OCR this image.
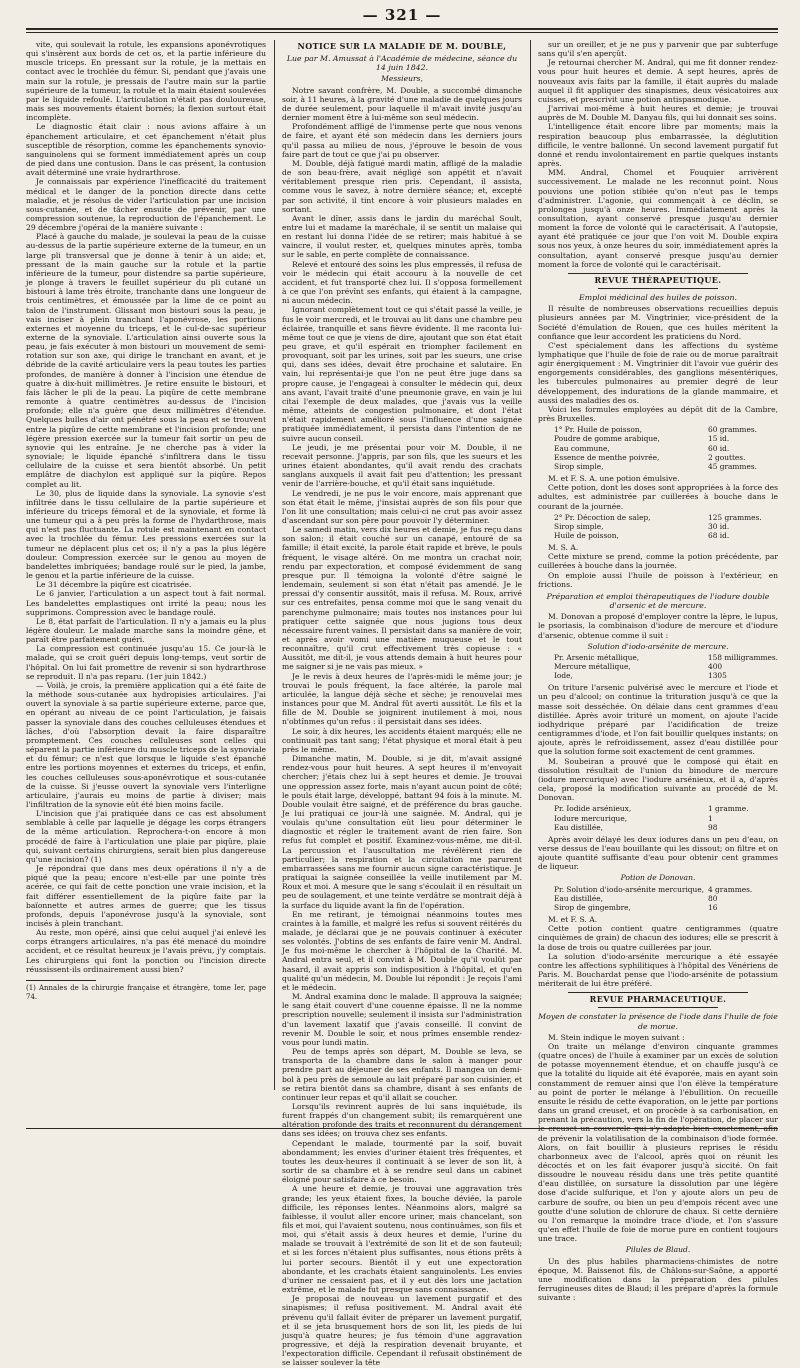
— 321 —

vite, qui soulevait la rotule, les expansions aponévrotiques qui s'insèrent aux bords de cet os, et la partie inférieure du muscle triceps. En pressant sur la rotule, je la mettais en contact avec le trochlée du fémur. Si, pendant que j'avais une main sur la rotule, je pressais de l'autre main sur la partie supérieure de la tumeur, la rotule et la main étaient soulevées par le liquide refoulé. L'articulation n'était pas douloureuse, mais ses mouvements étaient bornés; la flexion surtout était incomplète.

Le diagnostic était clair : nous avions affaire à un épanchement articulaire, et cet épanchement n'était plus susceptible de résorption, comme les épanchements synovio-sanguinolens qui se forment immédiatement après un coup de pied dans une contusion. Dans le cas présent, la contusion avait déterminé une vraie hydrarthrose.

Je connaissais par expérience l'inefficacité du traitement médical et le danger de la ponction directe dans cette maladie, et je résolus de vider l'articulation par une incision sous-cutanée, et de tâcher ensuite de prévenir, par une compression soutenue, la reproduction de l'épanchement. Le 29 décembre j'opérai de la manière suivante :

Placé à gauche du malade, je soulevai la peau de la cuisse au-dessus de la partie supérieure externe de la tumeur, en un large pli transversal que je donne à tenir à un aide; et, pressant de la main gauche sur la rotule et la partie inférieure de la tumeur, pour distendre sa partie supérieure, je plonge à travers le feuillet supérieur du pli cutané un bistouri à lame très étroite, tranchante dans une longueur de trois centimètres, et émoussée par la lime de ce point au talon de l'instrument. Glissant mon bistouri sous la peau, je vais inciser à plein tranchant l'aponévrose, les portions externes et moyenne du triceps, et le cul-de-sac supérieur externe de la synoviale. L'articulation ainsi ouverte sous la peau, je fais exécuter à mon bistouri un mouvement de semi-rotation sur son axe, qui dirige le tranchant en avant, et je débride de la cavité articulaire vers la peau toutes les parties profondes, de manière à donner à l'incision une étendue de quatre à dix-huit millimètres. Je retire ensuite le bistouri, et fais lâcher le pli de la peau. La piqûre de cette membrane remonte à quatre centimètres au-dessus de l'incision profonde; elle n'a guère que deux millimètres d'étendue. Quelques bulles d'air ont pénétré sous la peau et se trouvent entre la piqûre de cette membrane et l'incision profonde; une légère pression exercée sur la tumeur fait sortir un peu de synovie qui les entraîne. Je ne cherche pas à vider la synoviale; le liquide épanché s'infiltrera dans le tissu cellulaire de la cuisse et sera bientôt absorbé. Un petit emplâtre de diachylon est appliqué sur la piqûre. Repos complet au lit.

Le 30, plus de liquide dans la synoviale. La synovie s'est infiltrée dans le tissu cellulaire de la partie supérieure et inférieure du triceps fémoral et de la synoviale, et forme là une tumeur qui a à peu près la forme de l'hydarthrose, mais qui n'est pas fluctuante. La rotule est maintenant en contact avec la trochlée du fémur. Les pressions exercées sur la tumeur ne déplacent plus cet os; il n'y a pas la plus légère douleur. Compression exercée sur le genou au moyen de bandelettes imbriquées; bandage roulé sur le pied, la jambe, le genou et la partie inférieure de la cuisse.

Le 31 décembre la piqûre est cicatrisée.

Le 6 janvier, l'articulation a un aspect tout à fait normal. Les bandelettes emplastiques ont irrité la peau; nous les supprimons. Compression avec le bandage roulé.

Le 8, état parfait de l'articulation. Il n'y a jamais eu la plus légère douleur. Le malade marche sans la moindre gêne, et paraît être parfaitement guéri.

La compression est continuée jusqu'au 15. Ce jour-là le malade, qui se croit guéri depuis long-temps, veut sortir de l'hôpital. On lui fait promettre de revenir si son hydrarthrose se reproduit. Il n'a pas reparu. (1er juin 1842.)

— Voilà, je crois, la première application qui a été faite de la méthode sous-cutanée aux hydropisies articulaires. J'ai ouvert la synoviale à sa partie supérieure externe, parce que, en opérant au niveau de ce point l'articulation, je faisais passer la synoviale dans des couches celluleuses étendues et lâches, d'où l'absorption devait la faire disparaître promptement. Ces couches celluleuses sont celles qui séparent la partie inférieure du muscle triceps de la synoviale et du fémur; ce n'est que lorsque le liquide s'est épanché entre les portions moyennes et externes du triceps, et enfin, les couches celluleuses sous-aponévrotique et sous-cutanée de la cuisse. Si j'eusse ouvert la synoviale vers l'interligne articulaire, j'aurais eu moins de partie à diviser; mais l'infiltration de la synovie eût été bien moins facile.

L'incision que j'ai pratiquée dans ce cas est absolument semblable à celle par laquelle je dégage les corps étrangers de la même articulation. Reprochera-t-on encore à mon procédé de faire à l'articulation une plaie par piqûre, plaie qui, suivant certains chirurgiens, serait bien plus dangereuse qu'une incision? (1)

Je répondrai que dans mes deux opérations il n'y a de piqué que la peau; encore n'est-elle par une pointe très acérée, ce qui fait de cette ponction une vraie incision, et la fait différer essentiellement de la piqûre faite par la baïonnette et autres armes de guerre; que les tissus profonds, depuis l'aponévrose jusqu'à la synoviale, sont incisés à plein tranchant.

Au reste, mon opéré, ainsi que celui auquel j'ai enlevé les corps étrangers articulaires, n'a pas été menacé du moindre accident, et ce résultat heureux je l'avais prévu, j'y comptais. Les chirurgiens qui font la ponction ou l'incision directe réussissent-ils ordinairement aussi bien?

(1) Annales de la chirurgie française et étrangère, tome Ier, page 74.

NOTICE SUR LA MALADIE DE M. DOUBLE,

Lue par M. Amussat à l'Académie de médecine, séance du 14 juin 1842.

Messieurs,

Notre savant confrère, M. Double, a succombé dimanche soir, à 11 heures, à la gravité d'une maladie de quelques jours de durée seulement, pour laquelle il m'avait invité jusqu'au dernier moment être à lui-même son seul médecin.

Profondément affligé de l'immense perte que nous venons de faire, et ayant été son médecin dans les derniers jours qu'il passa au milieu de nous, j'éprouve le besoin de vous faire part de tout ce que j'ai pu observer.

M. Double, déjà fatigué mardi matin, affligé de la maladie de son beau-frère, avait négligé son appétit et n'avait véritablement presque rien pris. Cependant, il assista, comme vous le savez, à notre dernière séance; et, excepté par son activité, il tint encore à voir plusieurs malades en sortant.

Avant le dîner, assis dans le jardin du maréchal Soult, entre lui et madame la maréchale, il se sentit un malaise qui en restant lui donna l'idée de se retirer; mais habitué à se vaincre, il voulut rester, et, quelques minutes après, tomba sur le sable, en perte complète de connaissance.

Relevé et entouré des soins les plus empressés, il refusa de voir le médecin qui était accouru à la nouvelle de cet accident, et fut transporté chez lui. Il s'opposa formellement à ce que l'on prévînt ses enfants, qui étaient à la campagne, ni aucun médecin.

Ignorant complètement tout ce qui s'était passé la veille, je fus le voir mercredi, et le trouvai au lit dans une chambre peu éclairée, tranquille et sans fièvre évidente. Il me raconta lui-même tout ce que je viens de dire, ajoutant que son état était peu grave, et qu'il espérait en triompher facilement en provoquant, soit par les urines, soit par les sueurs, une crise qui, dans ses idées, devait être prochaine et salutaire. En vain, lui représentai-je que l'on ne peut être juge dans sa propre cause, je l'engageai à consulter le médecin qui, deux ans avant, l'avait traité d'une pneumonie grave, en vain je lui citai l'exemple de deux malades, que j'avais vus la veille même, atteints de congestion pulmonaire, et dont l'état n'était rapidement amélioré sous l'influence d'une saignée pratiquée immédiatement, il persista dans l'intention de ne suivre aucun conseil.

Le jeudi, je me présentai pour voir M. Double, il ne recevait personne. J'appris, par son fils, que les sueurs et les urines étaient abondantes, qu'il avait rendu des crachats sanglans auxquels il avait fait peu d'attention; les pressant venir de l'arrière-bouche, et qu'il était sans inquiétude.

Le vendredi, je ne pus le voir encore, mais apprenant que son état était le même, j'insistai auprès de son fils pour que l'on lit une consultation; mais celui-ci ne crut pas avoir assez d'ascendant sur son père pour pouvoir l'y déterminer.

Le samedi matin, vers dix heures et demie, je fus reçu dans son salon; il était couché sur un canapé, entouré de sa famille; il était excité, la parole était rapide et brève, le pouls fréquent, le visage altéré. On me montra un crachat noir, rendu par expectoration, et composé évidemment de sang presque pur. Il témoigna la volonté d'être saigné le lendemain, seulement si son état n'était pas amendé. Je le pressai d'y consentir aussitôt, mais il refusa. M. Roux, arrivé sur ces entrefaites, pensa comme moi que le sang venait du parenchyme pulmonaire; mais toutes nos instances pour lui pratiquer cette saignée que nous jugions tous deux nécessaire furent vaines. Il persistait dans sa manière de voir, et après avoir vomi une matière muqueuse et le tout reconnaître, qu'il crut effectivement très copieuse : « Aussitôt, me dit-il, je vous attends demain à huit heures pour me saigner si je ne vais pas mieux. »

Je le revis à deux heures de l'après-midi le même jour; je trouvai le pouls fréquent, la face altérée, la parole mal articulée, la langue déjà sèche et sèche; je renouvelai mes instances pour que M. Andral fût averti aussitôt. Le fils et la fille de M. Double se joignirent inutilement à moi, nous n'obtînmes qu'un refus : il persistait dans ses idées.

Le soir, à dix heures, les accidents étaient marqués; elle ne continuait pas tant sang; l'état physique et moral était à peu près le même.

Dimanche matin, M. Double, si je dit, m'avait assigné rendez-vous pour huit heures. A sept heures il m'envoyait chercher; j'étais chez lui à sept heures et demie. Je trouvai une oppression assez forte, mais n'ayant aucun point de côté; le pouls était large, développé, battant 94 fois à la minute. M. Double voulait être saigné, et de préférence du bras gauche. Je lui pratiquai ce jour-là une saignée. M. Andral, qui je voulais qu'une consultation eût lieu pour déterminer le diagnostic et régler le traitement avant de rien faire. Son refus fut complet et positif. Examinez-vous-même, me dit-il. La percussion et l'auscultation me révélèrent rien de particulier; la respiration et la circulation me parurent embarrassées sans me fournir aucun signe caractéristique. Je pratiquai la saignée conseillée la veille inutilement par M. Roux et moi. A mesure que le sang s'écoulait il en résultait un peu de soulagement, et une teinte verdâtre se montrait déjà à la surface du liquide avant la fin de l'opération.

En me retirant, je témoignai néanmoins toutes mes craintes à la famille, et malgré les refus si souvent réitérés du malade, je déclarai que je ne pouvais continuer à exécuter ses volontés. J'obtins de ses enfants de faire venir M. Andral. Je fus moi-même le chercher à l'hôpital de la Charité. M. Andral entra seul, et il convint à M. Double qu'il voulût par hasard, il avait appris son indisposition à l'hôpital, et qu'en qualité qu'un médecin, M. Double lui répondit : Je reçois l'ami et le médecin.

M. Andral examina donc le malade. Il approuva la saignée; le sang était couvert d'une couenne épaisse. Il ne la nomme prescription nouvelle; seulement il insista sur l'administration d'un lavement laxatif que j'avais conseillé. Il convint de revenir M. Double le soir, et nous prîmes ensemble rendez-vous pour lundi matin.

Peu de temps après son départ, M. Double se leva, se transporta de la chambre dans le salon à manger pour prendre part au déjeuner de ses enfants. Il mangea un demi-bol à peu près de semoule au lait préparé par son cuisinier, et se retira bientôt dans sa chambre, disant à ses enfants de continuer leur repas et qu'il allait se coucher.

Lorsqu'ils revinrent auprès de lui sans inquiétude, ils furent frappés d'un changement subit; ils remarquèrent une altération profonde des traits et reconnurent du dérangement dans ses idées; on trouva chez ses enfants.

Cependant le malade, tourmenté par la soif, buvait abondamment; les envies d'uriner étaient très fréquentes, et toutes les deux-heures il continuait à se lever de son lit, à sortir de sa chambre et à se rendre seul dans un cabinet éloigné pour satisfaire à ce besoin.

A une heure et demie, je trouvai une aggravation très grande; les yeux étaient fixes, la bouche déviée, la parole difficile, les réponses lentes. Néanmoins alors, malgré sa faiblesse, il voulut aller encore uriner, mais chancelant, son fils et moi, qui l'avaient soutenu, nous continuâmes, son fils et moi, qui s'était assis à deux heures et demie, l'urine du malade se trouvait à l'extrémité de son lit et de son fauteuil; et si les forces n'étaient plus suffisantes, nous étions prêts à lui porter secours. Bientôt il y eut une expectoration abondante, et les crachats étaient sanguinolents. Les envies d'uriner ne cessaient pas, et il y eut dès lors une jactation extrême, et le malade fut presque sans connaissance.

Je proposai de nouveau un lavement purgatif et des sinapismes; il refusa positivement. M. Andral avait été prévenu qu'il fallait éviter de préparer un lavement purgatif, et il se jeta brusquement hors de son lit, les pieds de lui jusqu'à quatre heures; je fus témoin d'une aggravation progressive, et déjà la respiration devenait bruyante, et l'expectoration difficile. Cependant il refusait obstinément de se laisser soulever la tête

sur un oreiller, et je ne pus y parvenir que par subterfuge sans qu'il s'en aperçût.

Je retournai chercher M. Andral, qui me fit donner rendez-vous pour huit heures et demie. A sept heures, après de nouveaux avis faits par la famille, il était auprès du malade auquel il fit appliquer des sinapismes, deux vésicatoires aux cuisses, et prescrivit une potion antispasmodique.

J'arrivai moi-même à huit heures et demie; je trouvai auprès de M. Double M. Danyau fils, qui lui donnait ses soins.

L'intelligence était encore libre par moments; mais la respiration beaucoup plus embarrassée, la déglutition difficile, le ventre ballonné. Un second lavement purgatif fut donné et rendu involontairement en partie quelques instants après.

MM. Andral, Chomel et Fouquier arrivèrent successivement. Le malade ne les reconnut point. Nous pouvions une potion stibiée qu'on n'eut pas le temps d'administrer. L'agonie, qui commençait à ce déclin, se prolongea jusqu'à onze heures. Immédiatement après la consultation, ayant conservé presque jusqu'au dernier moment la force de volonté qui le caractérisait. A l'autopsie, ayant été pratiquée ce jour que l'on voit M. Double expira sous nos yeux, à onze heures du soir, immédiatement après la consultation, ayant conservé presque jusqu'au dernier moment la force de volonté qui le caractérisait.

REVUE THÉRAPEUTIQUE.

Emploi médicinal des huiles de poisson.

Il résulte de nombreuses observations recueillies depuis plusieurs années par M. Vingtrinier, vice-président de la Société d'émulation de Rouen, que ces huiles méritent la confiance que leur accordent les praticiens du Nord.

C'est spécialement dans les affections du système lymphatique que l'huile de foie de raie ou de morue paraîtrait agir énergiquement : M. Vingtrinier dit l'avoir vue guérir des engorgements considérables, des ganglions mésentériques, les tubercules pulmonaires au premier degré de leur développement, des indurations de la glande mammaire, et aussi des maladies des os.

Voici les formules employées au dépôt dit de la Cambre, près Bruxelles.

1° Pr. Huile de poisson,	60 grammes.
Poudre de gomme arabique,	15 id.
Eau commune,	60 id.
Essence de menthe poivrée,	2 gouttes.
Sirop simple,	45 grammes.

M. et F. S. A. une potion émulsive.

Cette potion, dont les doses sont appropriées à la force des adultes, est administrée par cuillerées à bouche dans le courant de la journée.

2° Pr. Décoction de salep,	125 grammes.
Sirop simple,	30 id.
Huile de poisson,	68 id.

M. S. A.

Cette mixture se prend, comme la potion précédente, par cuillerées à bouche dans la journée.

On emploie aussi l'huile de poisson à l'extérieur, en frictions.

Préparation et emploi thérapeutiques de l'iodure double d'arsenic et de mercure.

M. Donovan a proposé d'employer contre la lèpre, le lupus, le psoriasis, la combinaison d'iodure de mercure et d'iodure d'arsenic, obtenue comme il suit :

Solution d'iodo-arsénite de mercure.

Pr. Arsenic métallique,	158 milligrammes.
Mercure métallique,	400
Iode,	1305

On triture l'arsenic pulvérisé avec le mercure et l'iode et un peu d'alcool; on continue la trituration jusqu'à ce que la masse soit desséchée. On délaie dans cent grammes d'eau distillée. Après avoir trituré un moment, on ajoute l'acide iodhydrique préparé par l'acidification de treize centigrammes d'iode, et l'on fait bouillir quelques instants; on ajoute, après le refroidissement, assez d'eau distillée pour que la solution forme soit exactement de cent grammes.

M. Soubeiran a prouvé que le composé qui était en dissolution résultait de l'union du binodure de mercure (iodure mercurique) avec l'iodure arsénieux, et il a, d'après cela, proposé la modification suivante au procédé de M. Donovan.

Pr. Iodide arsénieux,	1 gramme.
Iodure mercurique,	1
Eau distillée,	98

Après avoir délayé les deux iodures dans un peu d'eau, on verse dessus de l'eau bouillante qui les dissout; on filtre et on ajoute quantité suffisante d'eau pour obtenir cent grammes de liqueur.

Potion de Donovan.

Pr. Solution d'iodo-arsénite mercurique, 4 grammes.
Eau distillée,	80
Sirop de gingembre,	16

M. et F. S. A.

Cette potion contient quatre centigrammes (quatre cinquièmes de grain) de chacun des iodures; elle se prescrit à la dose de trois ou quatre cuillerées par jour.

La solution d'iodo-arsénite mercurique a été essayée contre les affections syphilitiques à l'hôpital des Vénériens de Paris. M. Bouchardat pense que l'iodo-arsénite de potassium mériterait de lui être préféré.

REVUE PHARMACEUTIQUE.

Moyen de constater la présence de l'iode dans l'huile de foie de morue.

M. Stein indique le moyen suivant :

On traite un mélange d'environ cinquante grammes (quatre onces) de l'huile à examiner par un excès de solution de potasse moyennement étendue, et on chauffe jusqu'à ce que la totalité du liquide ait été évaporée, mais en ayant soin constamment de remuer ainsi que l'on élève la température au point de porter le mélange à l'ébullition. On recueille ensuite le résidu de cette évaporation, on le jette par portions dans un grand creuset, et on procède à sa carbonisation, en prenant la précaution, vers la fin de l'opération, de placer sur le creuset un couvercle qui s'y adapte bien exactement, afin de prévenir la volatilisation de la combinaison d'iode formée. Alors, on fait bouillir à plusieurs reprises le résidu charbonneux avec de l'alcool, après quoi on réunit les décoctés et on les fait évaporer jusqu'à siccité. On fait dissoudre le nouveau résidu dans une très petite quantité d'eau distillée, on sursature la dissolution par une légère dose d'acide sulfurique, et l'on y ajoute alors un peu de carbure de soufre, ou bien un peu d'empois récent avec une goutte d'une solution de chlorure de chaux. Si cette dernière ou l'on remarque la moindre trace d'iode, et l'on s'assure qu'en effet l'huile de foie de morue pure en contient toujours une trace.

Pilules de Blaud.

Un des plus habiles pharmaciens-chimistes de notre époque, M. Baissenot fils, de Châlons-sur-Saône, a apporté une modification dans la préparation des pilules ferrugineuses dites de Blaud; il les prépare d'après la formule suivante :
